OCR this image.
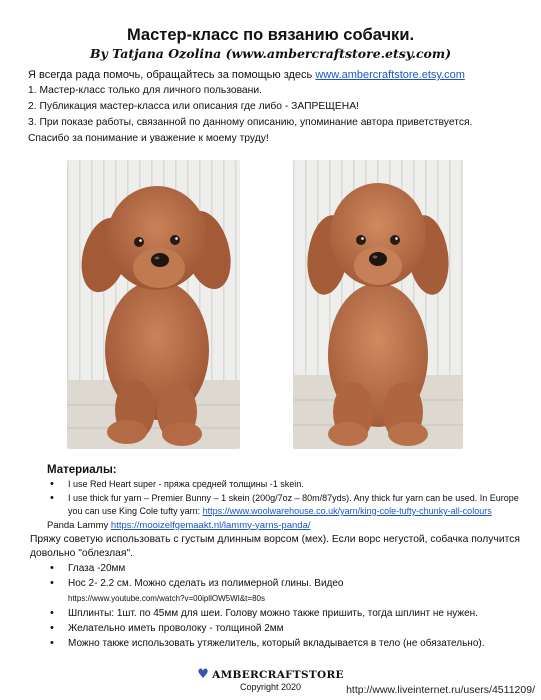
Мастер-класс по вязанию собачки.
By Tatjana Ozolina (www.ambercraftstore.etsy.com)
Я всегда рада помочь, обращайтесь за помощью здесь www.ambercraftstore.etsy.com
1. Мастер-класс только для личного пользовани.
2. Публикация мастер-класса или описания где либо - ЗАПРЕЩЕНА!
3. При показе работы, связанной по данному описанию, упоминание автора приветствуется.
Спасибо за понимание и уважение к моему труду!
Материалы:
•	I use Red Heart super - пряжа средней толщины -1 skein.
•	I use thick fur yarn – Premier Bunny – 1 skein (200g/7oz – 80m/87yds). Any thick fur yarn can be used. In Europe you can use King Cole tufty yarn: https://www.woolwarehouse.co.uk/yarn/king-cole-tufty-chunky-all-colours
Panda Lammy https://mooizelfgemaakt.nl/lammy-yarns-panda/
Пряжу советую использовать с густым длинным ворсом (мех). Если ворс негустой, собачка получится довольно "облезлая".
•	Глаза -20мм
•	Нос 2- 2.2 см. Можно сделать из полимерной глины. Видео
https://www.youtube.com/watch?v=00ipllOW5WI&t=80s
•	Шплинты: 1шт. по 45мм для шеи. Голову можно также пришить, тогда шплинт не нужен.
•	Желательно иметь проволоку - толщиной 2мм
•	Можно также использовать утяжелитель, который вкладывается в тело (не обязательно).
♥ AMBERCRAFTSTORE
Copyright 2020	http://www.liveinternet.ru/users/4511209/
